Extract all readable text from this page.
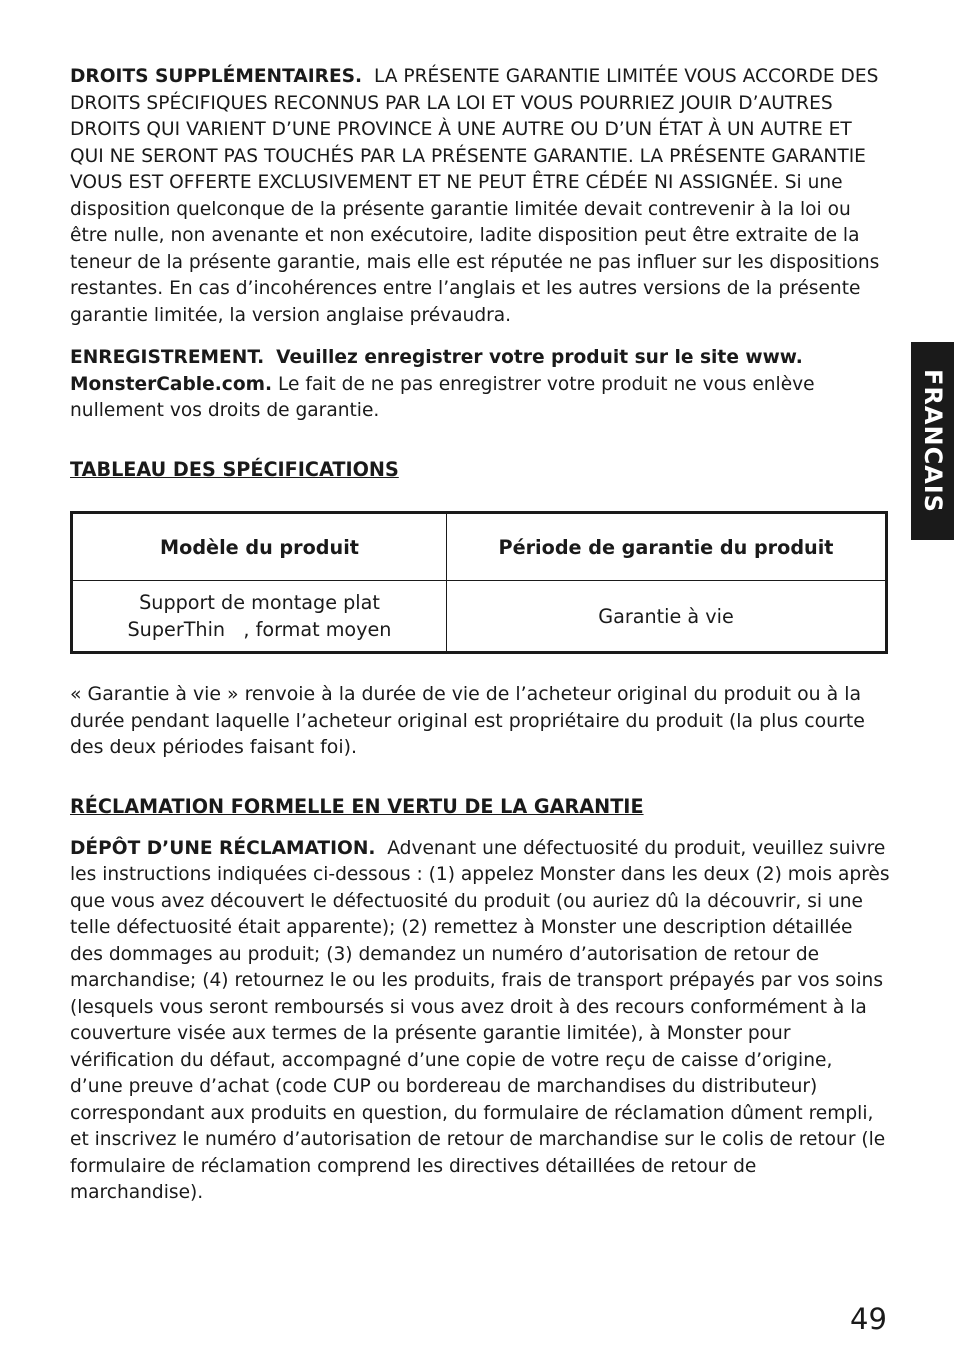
DROITS SUPPLÉMENTAIRES. LA PRÉSENTE GARANTIE LIMITÉE VOUS ACCORDE DES DROITS SPÉCIFIQUES RECONNUS PAR LA LOI ET VOUS POURRIEZ JOUIR D’AUTRES DROITS QUI VARIENT D’UNE PROVINCE À UNE AUTRE OU D’UN ÉTAT À UN AUTRE ET QUI NE SERONT PAS TOUCHÉS PAR LA PRÉSENTE GARANTIE. LA PRÉSENTE GARANTIE VOUS EST OFFERTE EXCLUSIVEMENT ET NE PEUT ÊTRE CÉDÉE NI ASSIGNÉE. Si une disposition quelconque de la présente garantie limitée devait contrevenir à la loi ou être nulle, non avenante et non exécutoire, ladite disposition peut être extraite de la teneur de la présente garantie, mais elle est réputée ne pas influer sur les dispositions restantes. En cas d’incohérences entre l’anglais et les autres versions de la présente garantie limitée, la version anglaise prévaudra.

ENREGISTREMENT. Veuillez enregistrer votre produit sur le site www. MonsterCable.com. Le fait de ne pas enregistrer votre produit ne vous enlève nullement vos droits de garantie.

TABLEAU DES SPÉCIFICATIONS

Modèle du produit	Période de garantie du produit
Support de montage plat
SuperThin , format moyen	Garantie à vie

« Garantie à vie » renvoie à la durée de vie de l’acheteur original du produit ou à la durée pendant laquelle l’acheteur original est propriétaire du produit (la plus courte des deux périodes faisant foi).

RÉCLAMATION FORMELLE EN VERTU DE LA GARANTIE

DÉPÔT D’UNE RÉCLAMATION. Advenant une défectuosité du produit, veuillez suivre les instructions indiquées ci-dessous : (1) appelez Monster dans les deux (2) mois après que vous avez découvert le défectuosité du produit (ou auriez dû la découvrir, si une telle défectuosité était apparente); (2) remettez à Monster une description détaillée des dommages au produit; (3) demandez un numéro d’autorisation de retour de marchandise; (4) retournez le ou les produits, frais de transport prépayés par vos soins (lesquels vous seront remboursés si vous avez droit à des recours conformément à la couverture visée aux termes de la présente garantie limitée), à Monster pour vérification du défaut, accompagné d’une copie de votre reçu de caisse d’origine, d’une preuve d’achat (code CUP ou bordereau de marchandises du distributeur) correspondant aux produits en question, du formulaire de réclamation dûment rempli, et inscrivez le numéro d’autorisation de retour de marchandise sur le colis de retour (le formulaire de réclamation comprend les directives détaillées de retour de marchandise).

FRANCAIS
49
